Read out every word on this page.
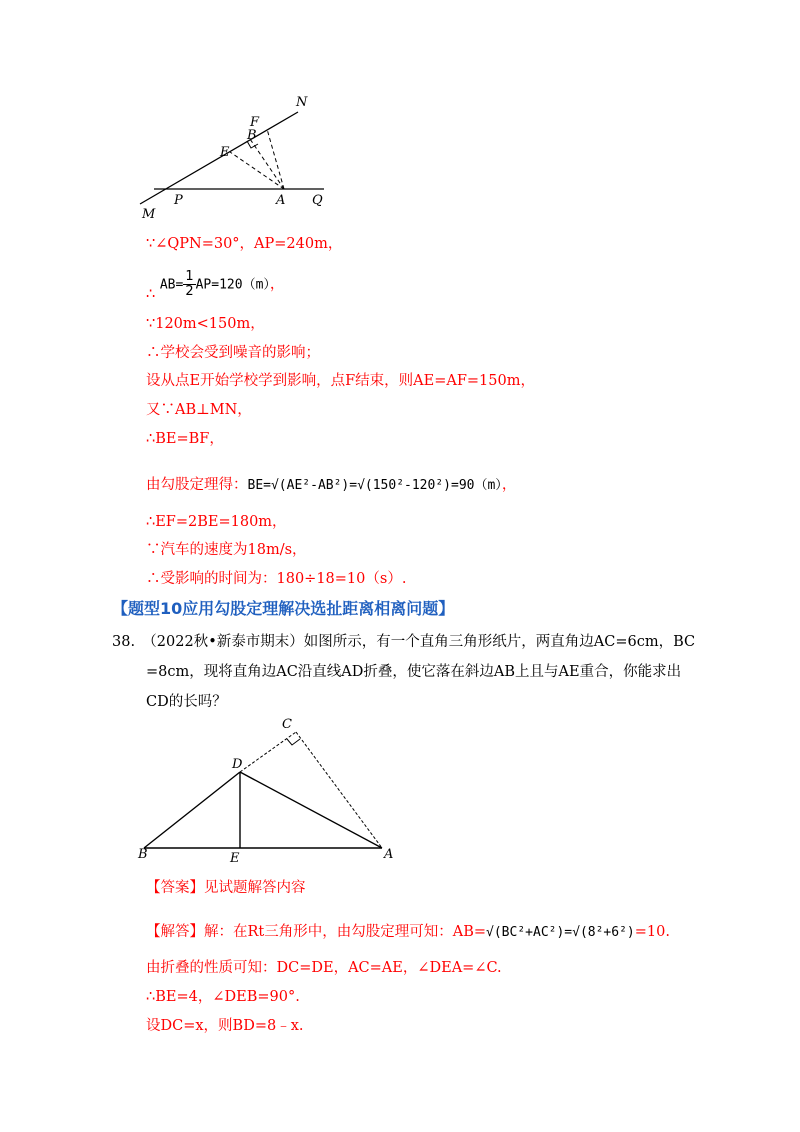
N
F
B
E
M
P	A Q
∵∠QPN=30°，AP=240m，
∴ $AB= \frac{1}{2} AP=120(m)$，
∵120m<150m，
∴学校会受到噪音的影响；
设从点E开始学校学到影响，点F结束，则AE=AF=150m，
又∵AB⊥MN，
∴BE=BF，
由勾股定理得：BE=√(AE²-AB²)=√(150²-120²)=90（m），
∴EF=2BE=180m，
∵汽车的速度为18m/s，
∴受影响的时间为：180÷18=10（s）.
【题型10应用勾股定理解决选扯距离相离问题】
38.　（2022秋•新泰市期末）如图所示，有一个直角三角形纸片，两直角边AC=6cm，BC
=8cm，现将直角边AC沿直线AD折叠，使它落在斜边AB上且与AE重合，你能求出
CD的长吗？
C
D
B	E	A
【答案】见试题解答内容
【解答】解：在Rt三角形中，由勾股定理可知：AB=√(BC²+AC²)=√(8²+6²)=10.
由折叠的性质可知：DC=DE，AC=AE，∠DEA=∠C.
∴BE=4，∠DEB=90°.
设DC=x，则BD=8﹣x.
